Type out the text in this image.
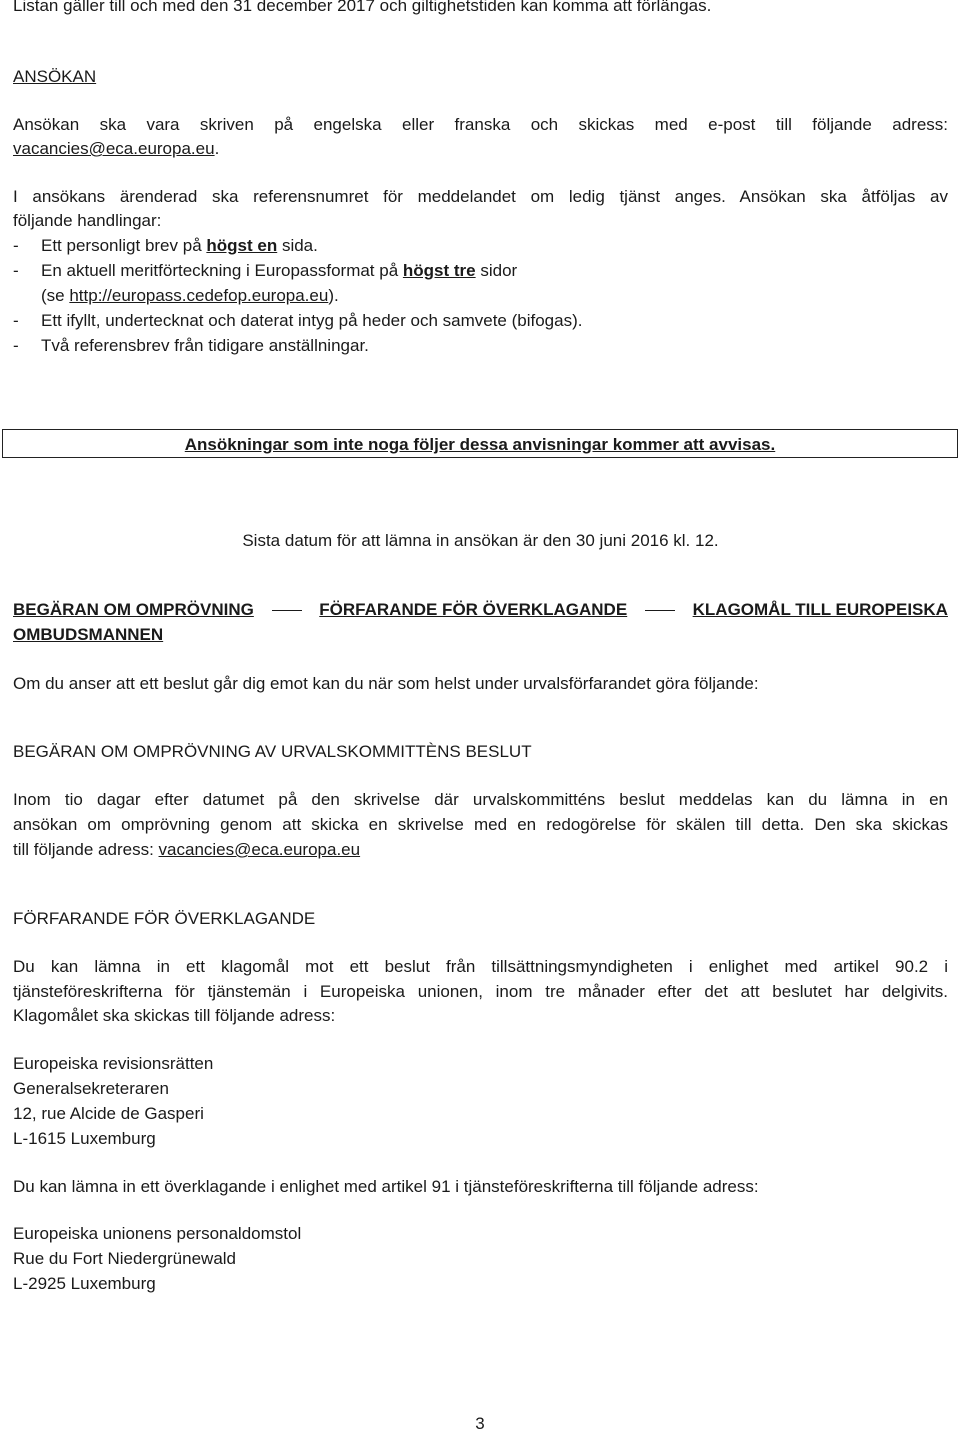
Listan gäller till och med den 31 december 2017 och giltighetstiden kan komma att förlängas.
ANSÖKAN
Ansökan ska vara skriven på engelska eller franska och skickas med e-post till följande adress:
vacancies@eca.europa.eu.
I ansökans ärenderad ska referensnumret för meddelandet om ledig tjänst anges. Ansökan ska åtföljas av
följande handlingar:
- Ett personligt brev på högst en sida.
- En aktuell meritförteckning i Europassformat på högst tre sidor
(se http://europass.cedefop.europa.eu).
- Ett ifyllt, undertecknat och daterat intyg på heder och samvete (bifogas).
- Två referensbrev från tidigare anställningar.
Ansökningar som inte noga följer dessa anvisningar kommer att avvisas.
Sista datum för att lämna in ansökan är den 30 juni 2016 kl. 12.
BEGÄRAN OM OMPRÖVNING	FÖRFARANDE FÖR ÖVERKLAGANDE	KLAGOMÅL TILL EUROPEISKA
OMBUDSMANNEN
Om du anser att ett beslut går dig emot kan du när som helst under urvalsförfarandet göra följande:
BEGÄRAN OM OMPRÖVNING AV URVALSKOMMITTÈNS BESLUT
Inom tio dagar efter datumet på den skrivelse där urvalskommitténs beslut meddelas kan du lämna in en
ansökan om omprövning genom att skicka en skrivelse med en redogörelse för skälen till detta. Den ska skickas
till följande adress: vacancies@eca.europa.eu
FÖRFARANDE FÖR ÖVERKLAGANDE
Du kan lämna in ett klagomål mot ett beslut från tillsättningsmyndigheten i enlighet med artikel 90.2 i
tjänsteföreskrifterna för tjänstemän i Europeiska unionen, inom tre månader efter det att beslutet har delgivits.
Klagomålet ska skickas till följande adress:
Europeiska revisionsrätten
Generalsekreteraren
12, rue Alcide de Gasperi
L-1615 Luxemburg
Du kan lämna in ett överklagande i enlighet med artikel 91 i tjänsteföreskrifterna till följande adress:
Europeiska unionens personaldomstol
Rue du Fort Niedergrünewald
L-2925 Luxemburg
3
